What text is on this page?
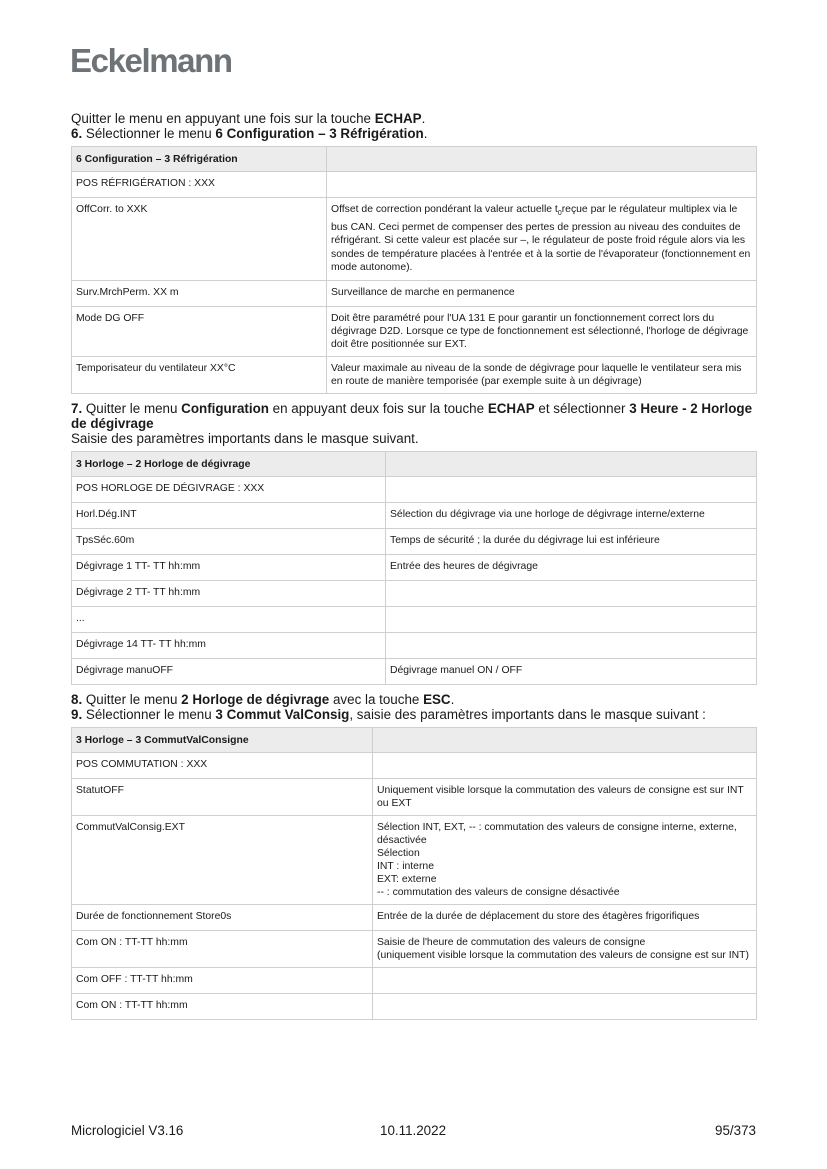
Eckelmann

Quitter le menu en appuyant une fois sur la touche ECHAP.

6. Sélectionner le menu 6 Configuration – 3 Réfrigération.

6 Configuration – 3 Réfrigération	
POS RÉFRIGÉRATION : XXX	
OffCorr. to XXK	Offset de correction pondérant la valeur actuelle $t_0reçue$ par le régulateur multiplex via le bus CAN. Ceci permet de compenser des pertes de pression au niveau des conduites de réfrigérant. Si cette valeur est placée sur –, le régulateur de poste froid régule alors via les sondes de température placées à l'entrée et à la sortie de l'évaporateur (fonctionnement en mode autonome).
Surv.MrchPerm. XX m	Surveillance de marche en permanence
Mode DG OFF	Doit être paramétré pour l'UA 131 E pour garantir un fonctionnement correct lors du dégivrage D2D. Lorsque ce type de fonctionnement est sélectionné, l'horloge de dégivrage doit être positionnée sur EXT.
Temporisateur du ventilateur XX°C	Valeur maximale au niveau de la sonde de dégivrage pour laquelle le ventilateur sera mis en route de manière temporisée (par exemple suite à un dégivrage)

7. Quitter le menu Configuration en appuyant deux fois sur la touche ECHAP et sélectionner 3 Heure - 2 Horloge de dégivrage

Saisie des paramètres importants dans le masque suivant.

3 Horloge – 2 Horloge de dégivrage	
POS HORLOGE DE DÉGIVRAGE : XXX	
Horl.Dég.INT	Sélection du dégivrage via une horloge de dégivrage interne/externe
TpsSéc.60m	Temps de sécurité ; la durée du dégivrage lui est inférieure
Dégivrage 1 TT- TT hh:mm	Entrée des heures de dégivrage
Dégivrage 2 TT- TT hh:mm	
...	
Dégivrage 14 TT- TT hh:mm	
Dégivrage manuOFF	Dégivrage manuel ON / OFF

8. Quitter le menu 2 Horloge de dégivrage avec la touche ESC.

9. Sélectionner le menu 3 Commut ValConsig, saisie des paramètres importants dans le masque suivant :

3 Horloge – 3 CommutValConsigne	
POS COMMUTATION : XXX	
StatutOFF	Uniquement visible lorsque la commutation des valeurs de consigne est sur INT ou EXT
CommutValConsig.EXT	Sélection INT, EXT, -- : commutation des valeurs de consigne interne, externe, désactivée
Sélection
INT : interne
EXT: externe
-- : commutation des valeurs de consigne désactivée

Durée de fonctionnement Store0s	Entrée de la durée de déplacement du store des étagères frigorifiques
Com ON : TT-TT hh:mm	Saisie de l'heure de commutation des valeurs de consigne
(uniquement visible lorsque la commutation des valeurs de consigne est sur INT)

Com OFF : TT-TT hh:mm	
Com ON : TT-TT hh:mm	
Micrologiciel V3.16	10.11.2022	95/373
